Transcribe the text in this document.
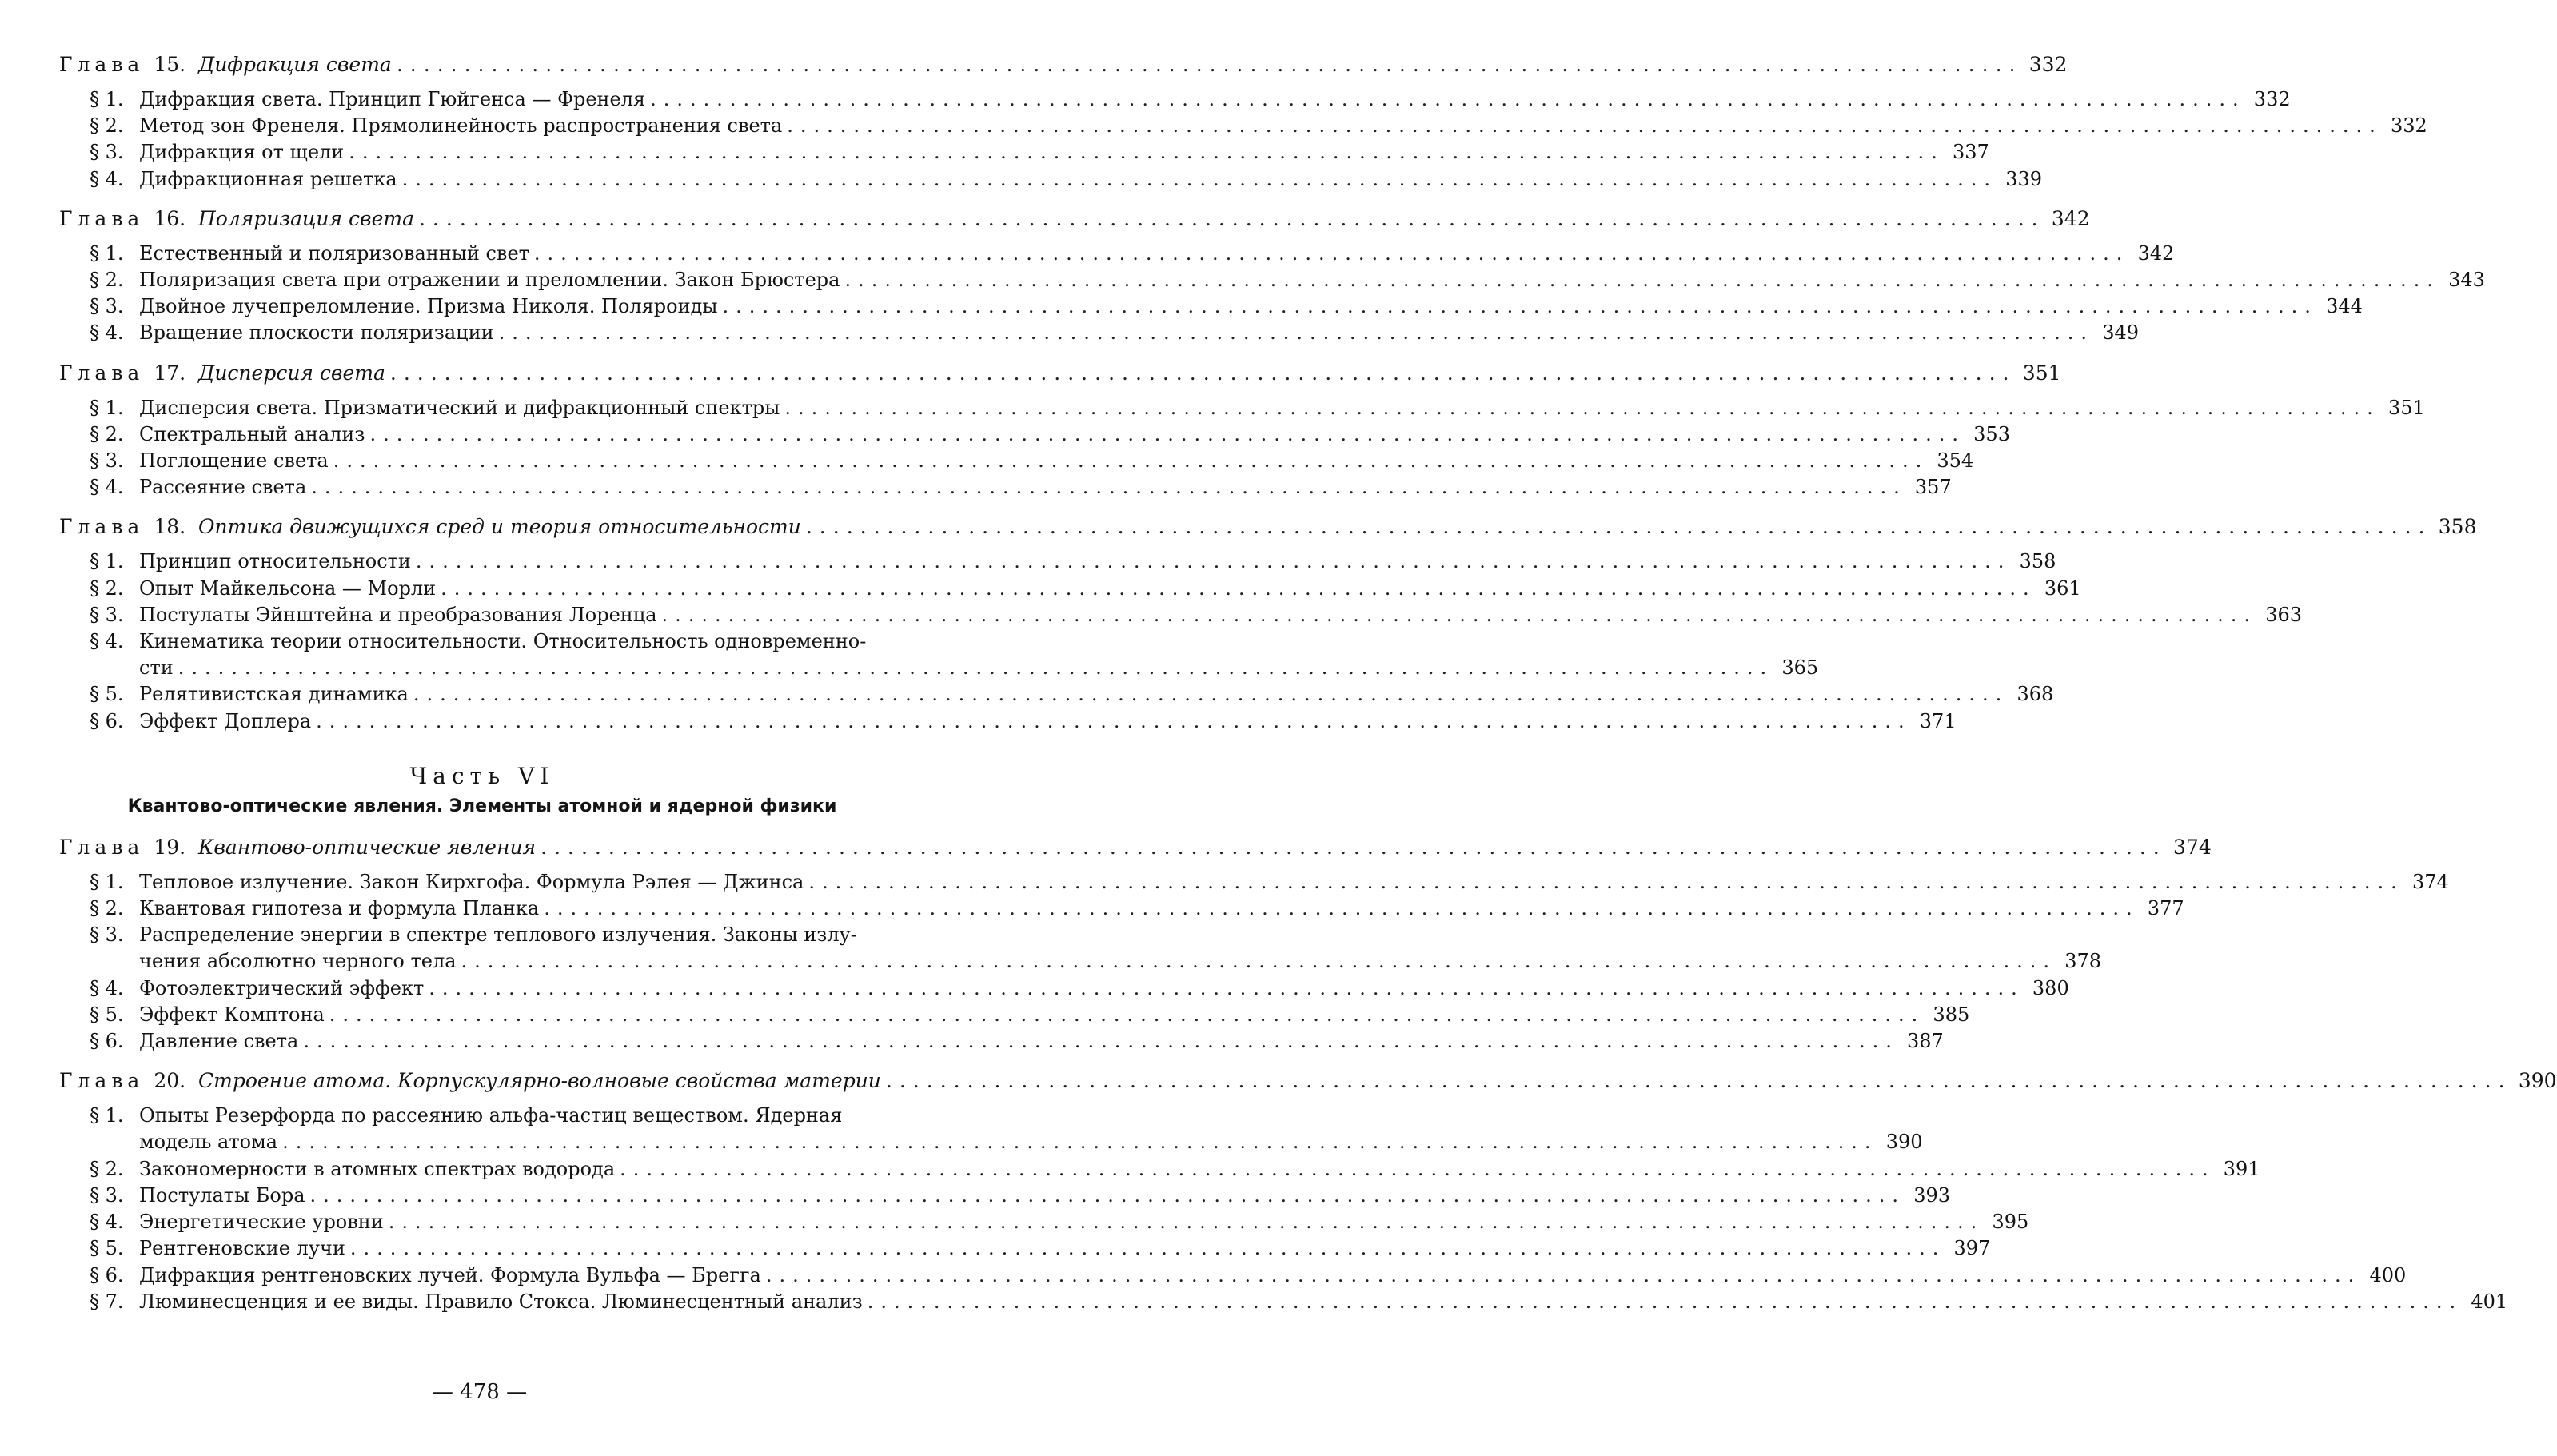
Глава 15. Дифракция света ........................................................................................................................ 332
§ 1. Дифракция света. Принцип Гюйгенса — Френеля ........................................................................................................................ 332
§ 2. Метод зон Френеля. Прямолинейность распространения света ........................................................................................................................ 332
§ 3. Дифракция от щели ........................................................................................................................ 337
§ 4. Дифракционная решетка ........................................................................................................................ 339
Глава 16. Поляризация света ........................................................................................................................ 342
§ 1. Естественный и поляризованный свет ........................................................................................................................ 342
§ 2. Поляризация света при отражении и преломлении. Закон Брюстера ........................................................................................................................ 343
§ 3. Двойное лучепреломление. Призма Николя. Поляроиды ........................................................................................................................ 344
§ 4. Вращение плоскости поляризации ........................................................................................................................ 349
Глава 17. Дисперсия света ........................................................................................................................ 351
§ 1. Дисперсия света. Призматический и дифракционный спектры ........................................................................................................................ 351
§ 2. Спектральный анализ ........................................................................................................................ 353
§ 3. Поглощение света ........................................................................................................................ 354
§ 4. Рассеяние света ........................................................................................................................ 357
Глава 18. Оптика движущихся сред и теория относительности ........................................................................................................................ 358
§ 1. Принцип относительности ........................................................................................................................ 358
§ 2. Опыт Майкельсона — Морли ........................................................................................................................ 361
§ 3. Постулаты Эйнштейна и преобразования Лоренца ........................................................................................................................ 363
§ 4. Кинематика теории относительности. Относительность одновременно-
сти ........................................................................................................................ 365
§ 5. Релятивистская динамика ........................................................................................................................ 368
§ 6. Эффект Доплера ........................................................................................................................ 371
Часть VI
Квантово-оптические явления. Элементы атомной и ядерной физики
Глава 19. Квантово-оптические явления ........................................................................................................................ 374
§ 1. Тепловое излучение. Закон Кирхгофа. Формула Рэлея — Джинса ........................................................................................................................ 374
§ 2. Квантовая гипотеза и формула Планка ........................................................................................................................ 377
§ 3. Распределение энергии в спектре теплового излучения. Законы излу-
чения абсолютно черного тела ........................................................................................................................ 378
§ 4. Фотоэлектрический эффект ........................................................................................................................ 380
§ 5. Эффект Комптона ........................................................................................................................ 385
§ 6. Давление света ........................................................................................................................ 387
Глава 20. Строение атома. Корпускулярно-волновые свойства материи ........................................................................................................................ 390
§ 1. Опыты Резерфорда по рассеянию альфа-частиц веществом. Ядерная
модель атома ........................................................................................................................ 390
§ 2. Закономерности в атомных спектрах водорода ........................................................................................................................ 391
§ 3. Постулаты Бора ........................................................................................................................ 393
§ 4. Энергетические уровни ........................................................................................................................ 395
§ 5. Рентгеновские лучи ........................................................................................................................ 397
§ 6. Дифракция рентгеновских лучей. Формула Вульфа — Брегга ........................................................................................................................ 400
§ 7. Люминесценция и ее виды. Правило Стокса. Люминесцентный анализ ........................................................................................................................ 401
— 478 —
